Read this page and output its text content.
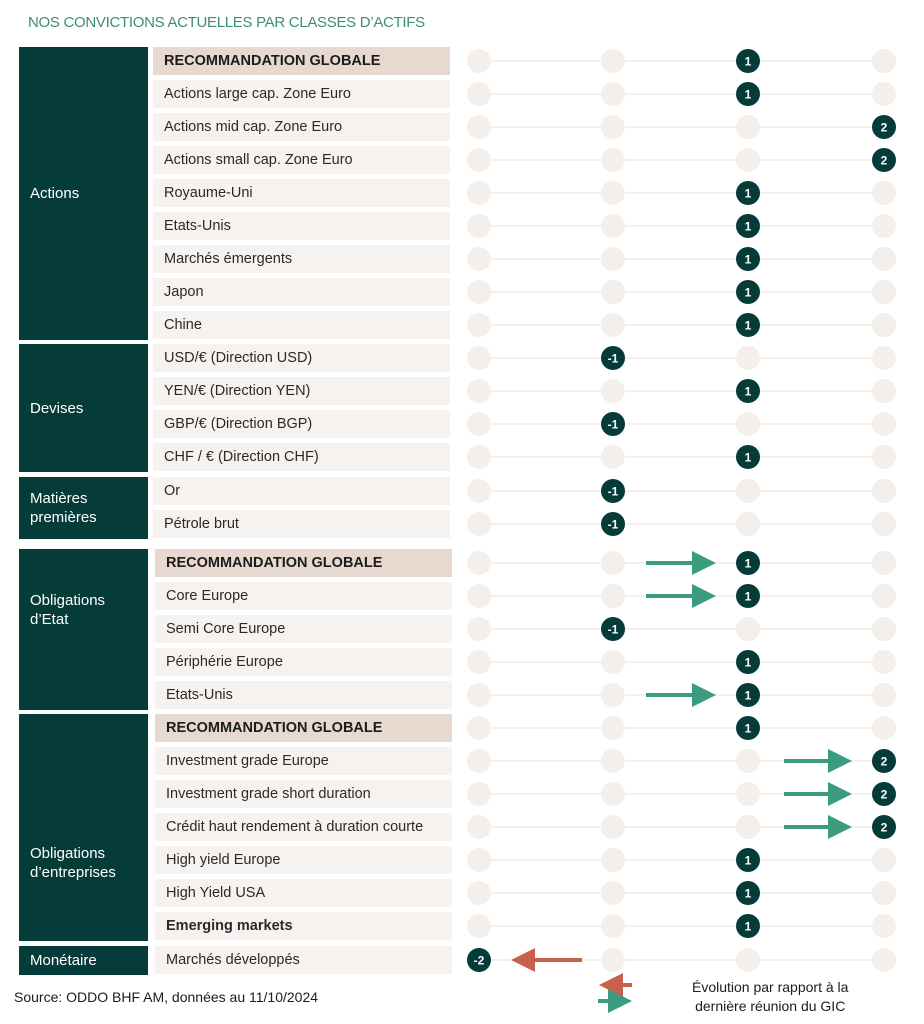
NOS CONVICTIONS ACTUELLES PAR CLASSES D’ACTIFS
Actions
Devises
Matières premières
Obligations d’Etat
Obligations d’entreprises
Monétaire
RECOMMANDATION GLOBALE
Actions large cap. Zone Euro
Actions mid cap. Zone Euro
Actions small cap. Zone Euro
Royaume-Uni
Etats-Unis
Marchés émergents
Japon
Chine
USD/€ (Direction USD)
YEN/€ (Direction YEN)
GBP/€ (Direction BGP)
CHF / € (Direction CHF)
Or
Pétrole brut
RECOMMANDATION GLOBALE
Core Europe
Semi Core Europe
Périphérie Europe
Etats-Unis
RECOMMANDATION GLOBALE
Investment grade Europe
Investment grade short duration
Crédit haut rendement à duration courte
High yield Europe
High Yield USA
Emerging markets
Marchés développés
1
1
2
2
1
1
1
1
1
-1
1
-1
1
-1
-1
1
1
-1
1
1
1
2
2
2
1
1
1
-2
Source: ODDO BHF AM, données au 11/10/2024
Évolution par rapport à la
dernière réunion du GIC
